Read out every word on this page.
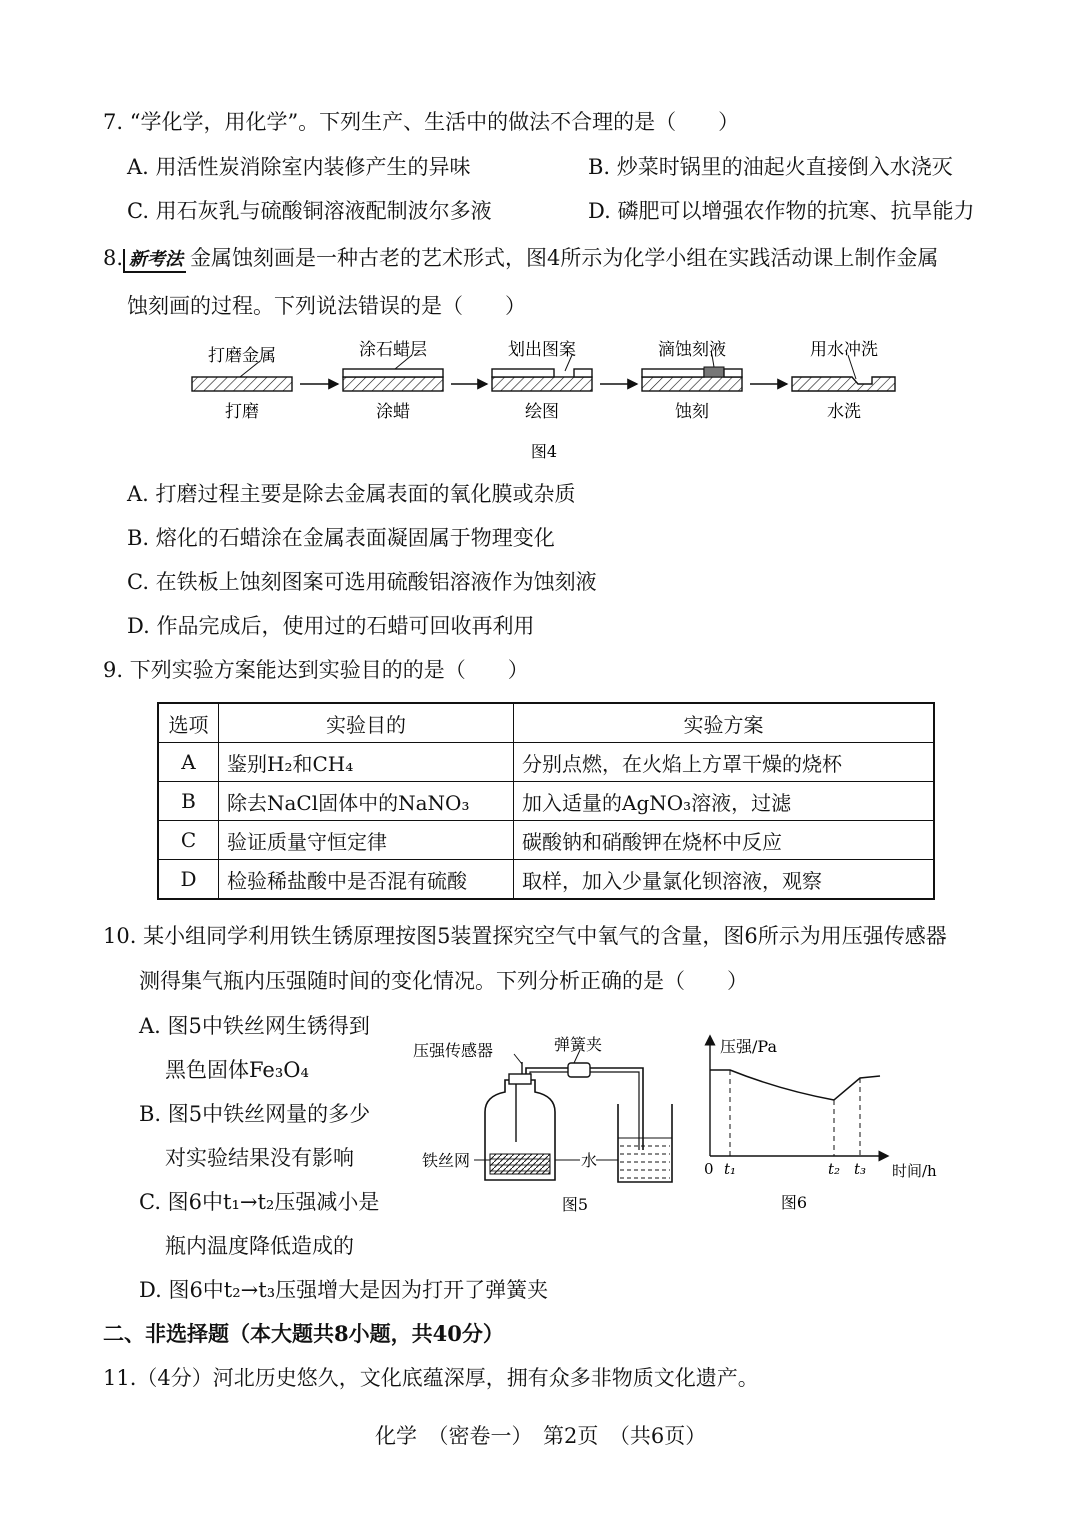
7. “学化学，用化学”。下列生产、生活中的做法不合理的是（　　）
A. 用活性炭消除室内装修产生的异味	B. 炒菜时锅里的油起火直接倒入水浇灭
C. 用石灰乳与硫酸铜溶液配制波尔多液	D. 磷肥可以增强农作物的抗寒、抗旱能力
8. 新考法 金属蚀刻画是一种古老的艺术形式，图4所示为化学小组在实践活动课上制作金属
蚀刻画的过程。下列说法错误的是（　　）
打磨金属
打磨
涂石蜡层
涂蜡
划出图案
绘图
滴蚀刻液
蚀刻
用水冲洗
水洗
图4
A. 打磨过程主要是除去金属表面的氧化膜或杂质
B. 熔化的石蜡涂在金属表面凝固属于物理变化
C. 在铁板上蚀刻图案可选用硫酸铝溶液作为蚀刻液
D. 作品完成后，使用过的石蜡可回收再利用
9. 下列实验方案能达到实验目的的是（　　）
选项	实验目的	实验方案
A	鉴别H₂和CH₄	分别点燃，在火焰上方罩干燥的烧杯
B	除去NaCl固体中的NaNO₃	加入适量的AgNO₃溶液，过滤
C	验证质量守恒定律	碳酸钠和硝酸钾在烧杯中反应
D	检验稀盐酸中是否混有硫酸	取样，加入少量氯化钡溶液，观察
10. 某小组同学利用铁生锈原理按图5装置探究空气中氧气的含量，图6所示为用压强传感器
测得集气瓶内压强随时间的变化情况。下列分析正确的是（　　）
A. 图5中铁丝网生锈得到
黑色固体Fe₃O₄
B. 图5中铁丝网量的多少
对实验结果没有影响
C. 图6中t₁→t₂压强减小是
瓶内温度降低造成的
D. 图6中t₂→t₃压强增大是因为打开了弹簧夹
压强传感器	弹簧夹
铁丝网	水
图5
压强/Pa
时间/h
0 t₁	t₂ t₃
图6
二、非选择题（本大题共8小题，共40分）
11.（4分）河北历史悠久，文化底蕴深厚，拥有众多非物质文化遗产。
化学　（密卷一）　第2页　（共6页）
